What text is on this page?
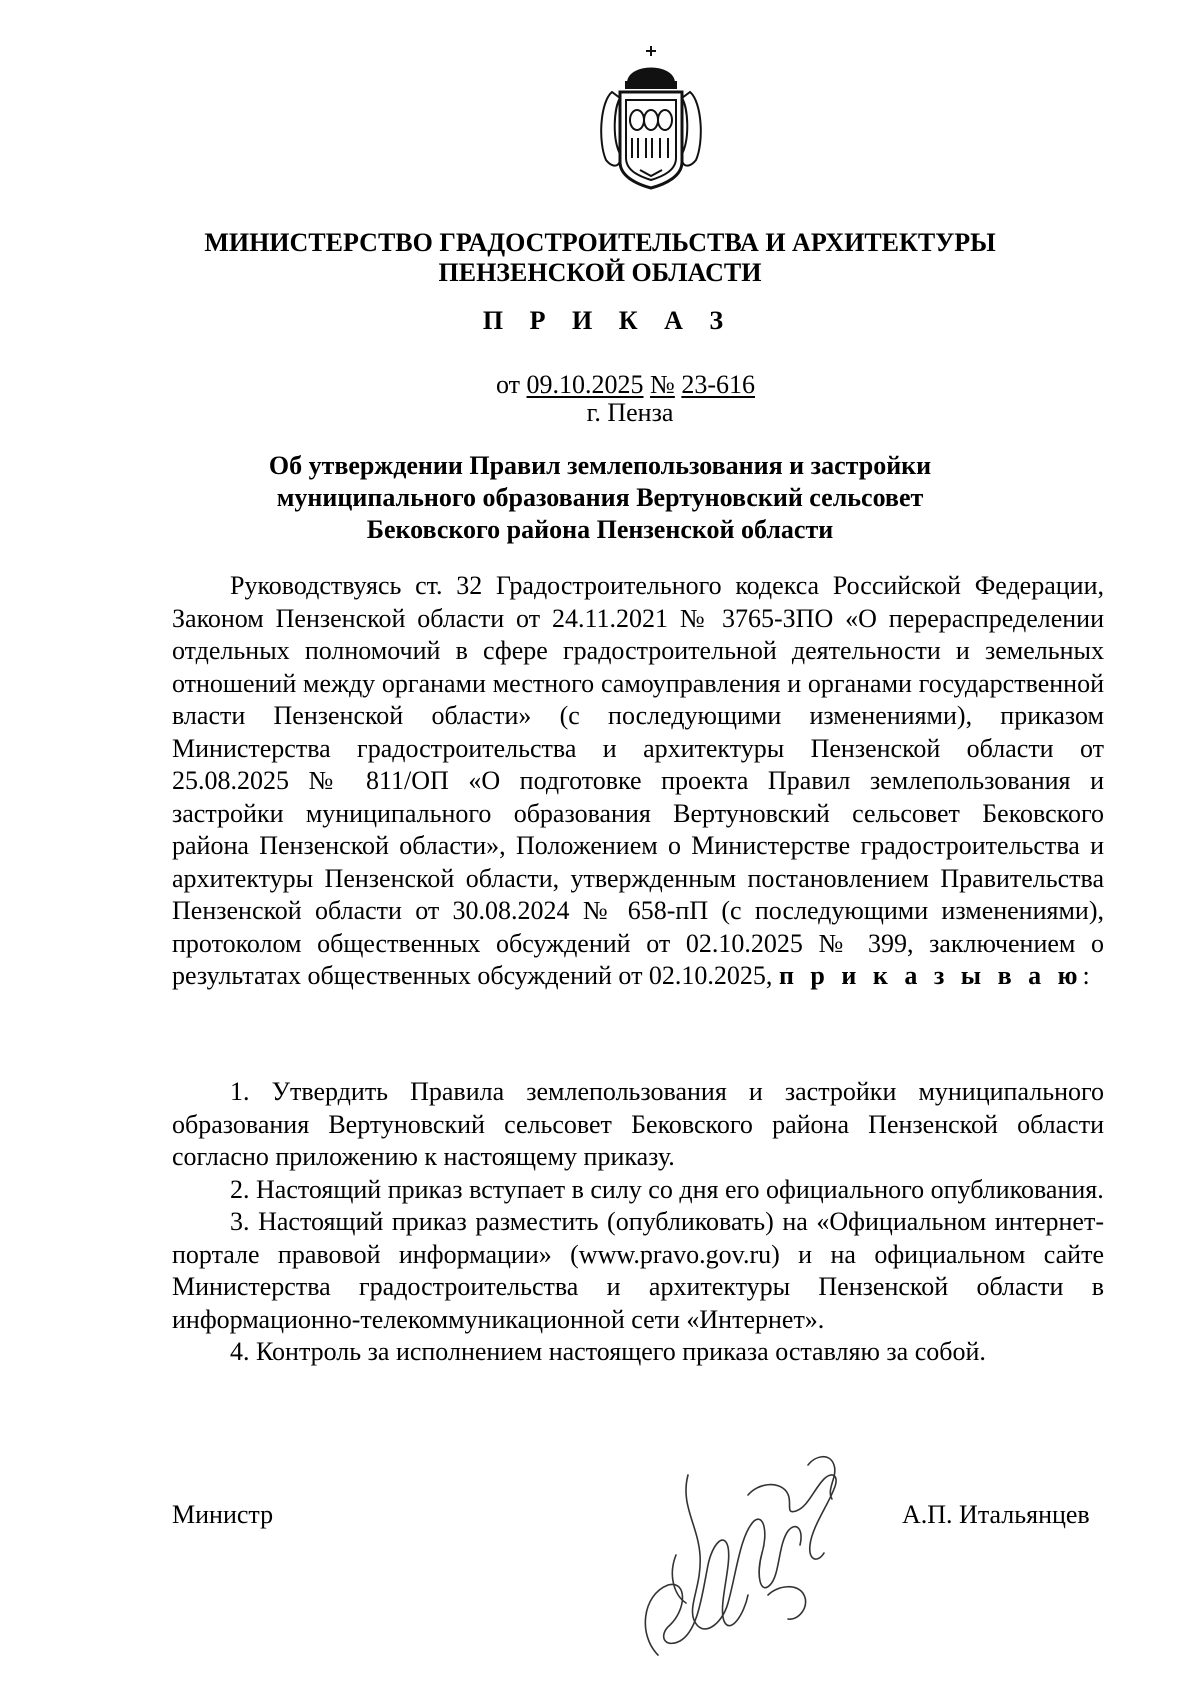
МИНИСТЕРСТВО ГРАДОСТРОИТЕЛЬСТВА И АРХИТЕКТУРЫ
ПЕНЗЕНСКОЙ ОБЛАСТИ
П Р И К А З
от 09.10.2025 № 23-616
г. Пенза
Об утверждении Правил землепользования и застройки
муниципального образования Вертуновский сельсовет
Бековского района Пензенской области

Руководствуясь ст. 32 Градостроительного кодекса Российской Федерации, Законом Пензенской области от 24.11.2021 № 3765-ЗПО «О перераспределении отдельных полномочий в сфере градостроительной деятельности и земельных отношений между органами местного самоуправления и органами государственной власти Пензенской области» (с последующими изменениями), приказом Министерства градостроительства и архитектуры Пензенской области от 25.08.2025 № 811/ОП «О подготовке проекта Правил землепользования и застройки муниципального образования Вертуновский сельсовет Бековского района Пензенской области», Положением о Министерстве градостроительства и архитектуры Пензенской области, утвержденным постановлением Правительства Пензенской области от 30.08.2024 № 658-пП (с последующими изменениями), протоколом общественных обсуждений от 02.10.2025 № 399, заключением о результатах общественных обсуждений от 02.10.2025, п р и к а з ы в а ю:

1. Утвердить Правила землепользования и застройки муниципального образования Вертуновский сельсовет Бековского района Пензенской области согласно приложению к настоящему приказу.

2. Настоящий приказ вступает в силу со дня его официального опубликования.

3. Настоящий приказ разместить (опубликовать) на «Официальном интернет-портале правовой информации» (www.pravo.gov.ru) и на официальном сайте Министерства градостроительства и архитектуры Пензенской области в информационно-телекоммуникационной сети «Интернет».

4. Контроль за исполнением настоящего приказа оставляю за собой.

Министр	А.П. Итальянцев
